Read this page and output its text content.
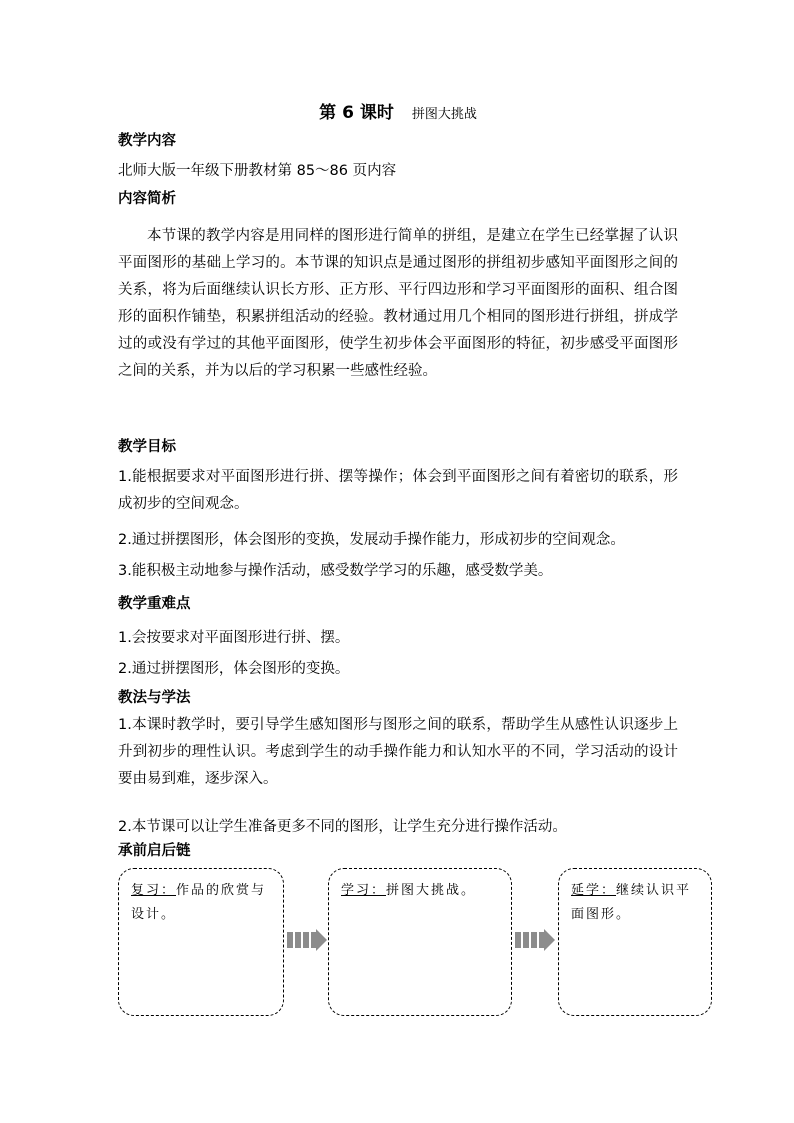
第 6 课时 拼图大挑战
教学内容
北师大版一年级下册教材第 85～86 页内容
内容简析
本节课的教学内容是用同样的图形进行简单的拼组，是建立在学生已经掌握了认识平面图形的基础上学习的。本节课的知识点是通过图形的拼组初步感知平面图形之间的关系，将为后面继续认识长方形、正方形、平行四边形和学习平面图形的面积、组合图形的面积作铺垫，积累拼组活动的经验。教材通过用几个相同的图形进行拼组，拼成学过的或没有学过的其他平面图形，使学生初步体会平面图形的特征，初步感受平面图形之间的关系，并为以后的学习积累一些感性经验。
教学目标
1.能根据要求对平面图形进行拼、摆等操作；体会到平面图形之间有着密切的联系，形成初步的空间观念。
2.通过拼摆图形，体会图形的变换，发展动手操作能力，形成初步的空间观念。
3.能积极主动地参与操作活动，感受数学学习的乐趣，感受数学美。
教学重难点
1.会按要求对平面图形进行拼、摆。
2.通过拼摆图形，体会图形的变换。
教法与学法
1.本课时教学时，要引导学生感知图形与图形之间的联系，帮助学生从感性认识逐步上升到初步的理性认识。考虑到学生的动手操作能力和认知水平的不同，学习活动的设计要由易到难，逐步深入。
2.本节课可以让学生准备更多不同的图形，让学生充分进行操作活动。
承前启后链
复习：作品的欣赏与设计。
学习：拼图大挑战。	延学：继续认识平面图形。
